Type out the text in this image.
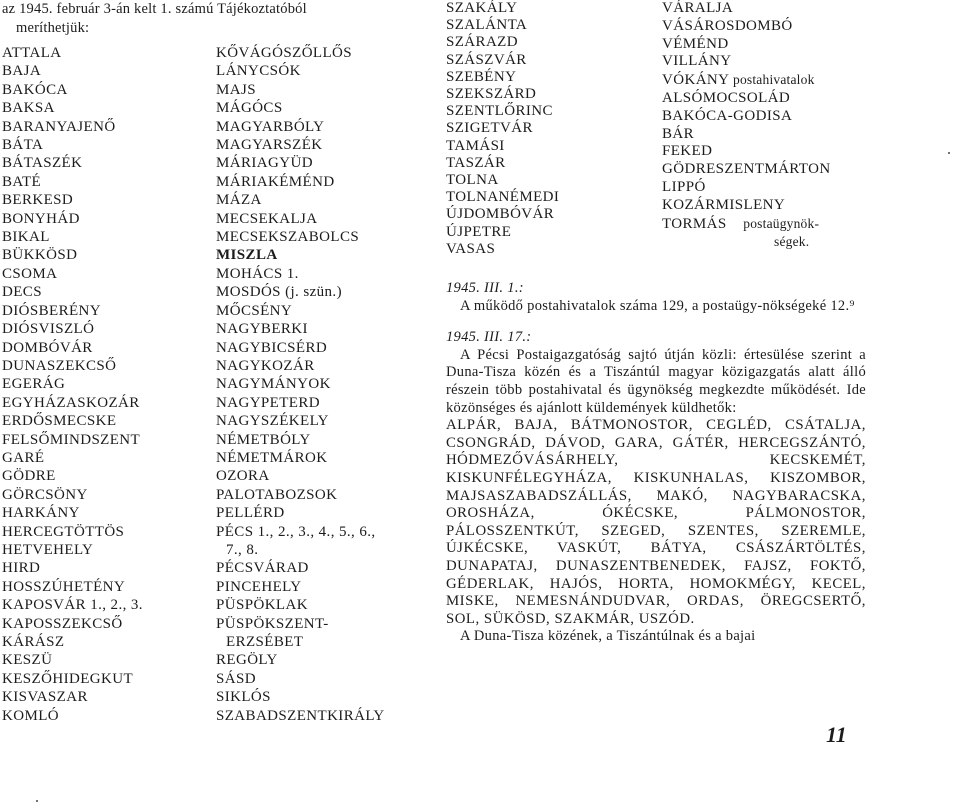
az 1945. február 3-án kelt 1. számú Tájékoztatóból
meríthetjük:
ATTALA
BAJA
BAKÓCA
BAKSA
BARANYAJENŐ
BÁTA
BÁTASZÉK
BATÉ
BERKESD
BONYHÁD
BIKAL
BÜKKÖSD
CSOMA
DECS
DIÓSBERÉNY
DIÓSVISZLÓ
DOMBÓVÁR
DUNASZEKCSŐ
EGERÁG
EGYHÁZASKOZÁR
ERDŐSMECSKE
FELSŐMINDSZENT
GARÉ
GÖDRE
GÖRCSÖNY
HARKÁNY
HERCEGTÖTTÖS
HETVEHELY
HIRD
HOSSZÚHETÉNY
KAPOSVÁR 1., 2., 3.
KAPOSSZEKCSŐ
KÁRÁSZ
KESZÜ
KESZŐHIDEGKUT
KISVASZAR
KOMLÓ
KŐVÁGÓSZŐLLŐS
LÁNYCSÓK
MAJS
MÁGÓCS
MAGYARBÓLY
MAGYARSZÉK
MÁRIAGYÜD
MÁRIAKÉMÉND
MÁZA
MECSEKALJA
MECSEKSZABOLCS
MISZLA
MOHÁCS 1.
MOSDÓS (j. szün.)
MŐCSÉNY
NAGYBERKI
NAGYBICSÉRD
NAGYKOZÁR
NAGYMÁNYOK
NAGYPETERD
NAGYSZÉKELY
NÉMETBÓLY
NÉMETMÁROK
OZORA
PALOTABOZSOK
PELLÉRD
PÉCS 1., 2., 3., 4., 5., 6.,
7., 8.
PÉCSVÁRAD
PINCEHELY
PÜSPÖKLAK
PÜSPÖKSZENT-
ERZSÉBET
REGÖLY
SÁSD
SIKLÓS
SZABADSZENTKIRÁLY
SZAKÁLY
SZALÁNTA
SZÁRAZD
SZÁSZVÁR
SZEBÉNY
SZEKSZÁRD
SZENTLŐRINC
SZIGETVÁR
TAMÁSI
TASZÁR
TOLNA
TOLNANÉMEDI
ÚJDOMBÓVÁR
ÚJPETRE
VASAS
VÁRALJA
VÁSÁROSDOMBÓ
VÉMÉND
VILLÁNY
VÓKÁNY postahivatalok
ALSÓMOCSOLÁD
BAKÓCA-GODISA
BÁR
FEKED
GÖDRESZENTMÁRTON
LIPPÓ
KOZÁRMISLENY
TORMÁS postaügynök-
ségek.

1945. III. 1.:

A működő postahivatalok száma 129, a postaügy-nökségeké 12.⁹

1945. III. 17.:

A Pécsi Postaigazgatóság sajtó útján közli: értesülése szerint a Duna-Tisza közén és a Tiszántúl magyar közigazgatás alatt álló részein több postahivatal és ügynökség megkezdte működését. Ide közönséges és ajánlott küldemények küldhetők:

ALPÁR, BAJA, BÁTMONOSTOR, CEGLÉD, CSÁTALJA, CSONGRÁD, DÁVOD, GARA, GÁTÉR, HERCEGSZÁNTÓ, HÓDMEZŐVÁSÁRHELY, KECSKEMÉT, KISKUNFÉLEGYHÁZA, KISKUNHALAS, KISZOMBOR, MAJSASZABADSZÁLLÁS, MAKÓ, NAGYBARACSKA, OROSHÁZA, ÓKÉCSKE, PÁLMONOSTOR, PÁLOSSZENTKÚT, SZEGED, SZENTES, SZEREMLE, ÚJKÉCSKE, VASKÚT, BÁTYA, CSÁSZÁRTÖLTÉS, DUNAPATAJ, DUNASZENTBENEDEK, FAJSZ, FOKTŐ, GÉDERLAK, HAJÓS, HORTA, HOMOKMÉGY, KECEL, MISKE, NEMESNÁNDUDVAR, ORDAS, ÖREGCSERTŐ, SOL, SÜKÖSD, SZAKMÁR, USZÓD.

A Duna-Tisza közének, a Tiszántúlnak és a bajai

11
